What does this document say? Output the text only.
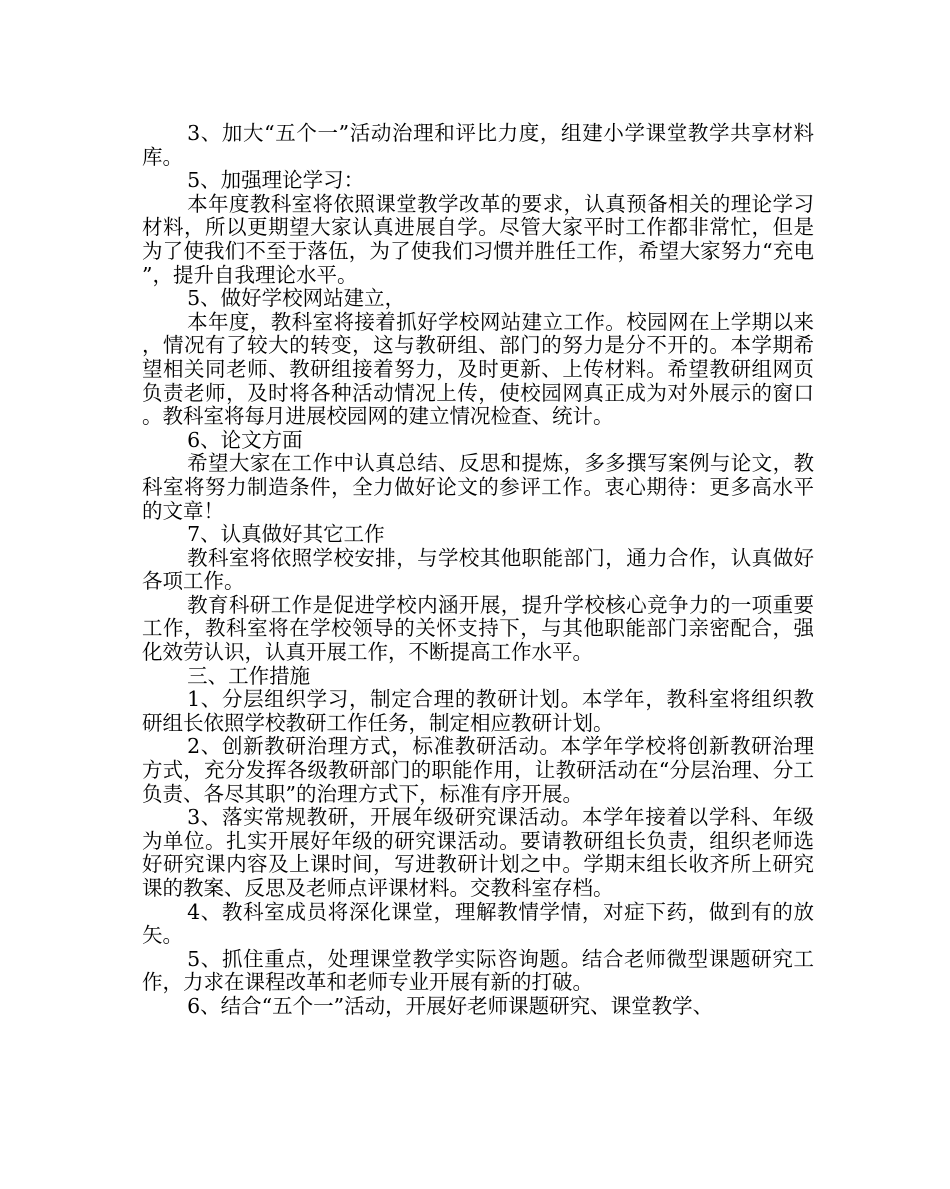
3、加大“五个一”活动治理和评比力度，组建小学课堂教学共享材料库。

5、加强理论学习：

本年度教科室将依照课堂教学改革的要求，认真预备相关的理论学习材料，所以更期望大家认真进展自学。尽管大家平时工作都非常忙，但是为了使我们不至于落伍，为了使我们习惯并胜任工作，希望大家努力“充电”，提升自我理论水平。

5、做好学校网站建立，

本年度，教科室将接着抓好学校网站建立工作。校园网在上学期以来，情况有了较大的转变，这与教研组、部门的努力是分不开的。本学期希望相关同老师、教研组接着努力，及时更新、上传材料。希望教研组网页负责老师，及时将各种活动情况上传，使校园网真正成为对外展示的窗口。教科室将每月进展校园网的建立情况检查、统计。

6、论文方面

希望大家在工作中认真总结、反思和提炼，多多撰写案例与论文，教科室将努力制造条件，全力做好论文的参评工作。衷心期待：更多高水平的文章！

7、认真做好其它工作

教科室将依照学校安排，与学校其他职能部门，通力合作，认真做好各项工作。

教育科研工作是促进学校内涵开展，提升学校核心竞争力的一项重要工作，教科室将在学校领导的关怀支持下，与其他职能部门亲密配合，强化效劳认识，认真开展工作，不断提高工作水平。

三、工作措施

1、分层组织学习，制定合理的教研计划。本学年，教科室将组织教研组长依照学校教研工作任务，制定相应教研计划。

2、创新教研治理方式，标准教研活动。本学年学校将创新教研治理方式，充分发挥各级教研部门的职能作用，让教研活动在“分层治理、分工负责、各尽其职”的治理方式下，标准有序开展。

3、落实常规教研，开展年级研究课活动。本学年接着以学科、年级为单位。扎实开展好年级的研究课活动。要请教研组长负责，组织老师选好研究课内容及上课时间，写进教研计划之中。学期末组长收齐所上研究课的教案、反思及老师点评课材料。交教科室存档。

4、教科室成员将深化课堂，理解教情学情，对症下药，做到有的放矢。

5、抓住重点，处理课堂教学实际咨询题。结合老师微型课题研究工作，力求在课程改革和老师专业开展有新的打破。

6、结合“五个一”活动，开展好老师课题研究、课堂教学、
